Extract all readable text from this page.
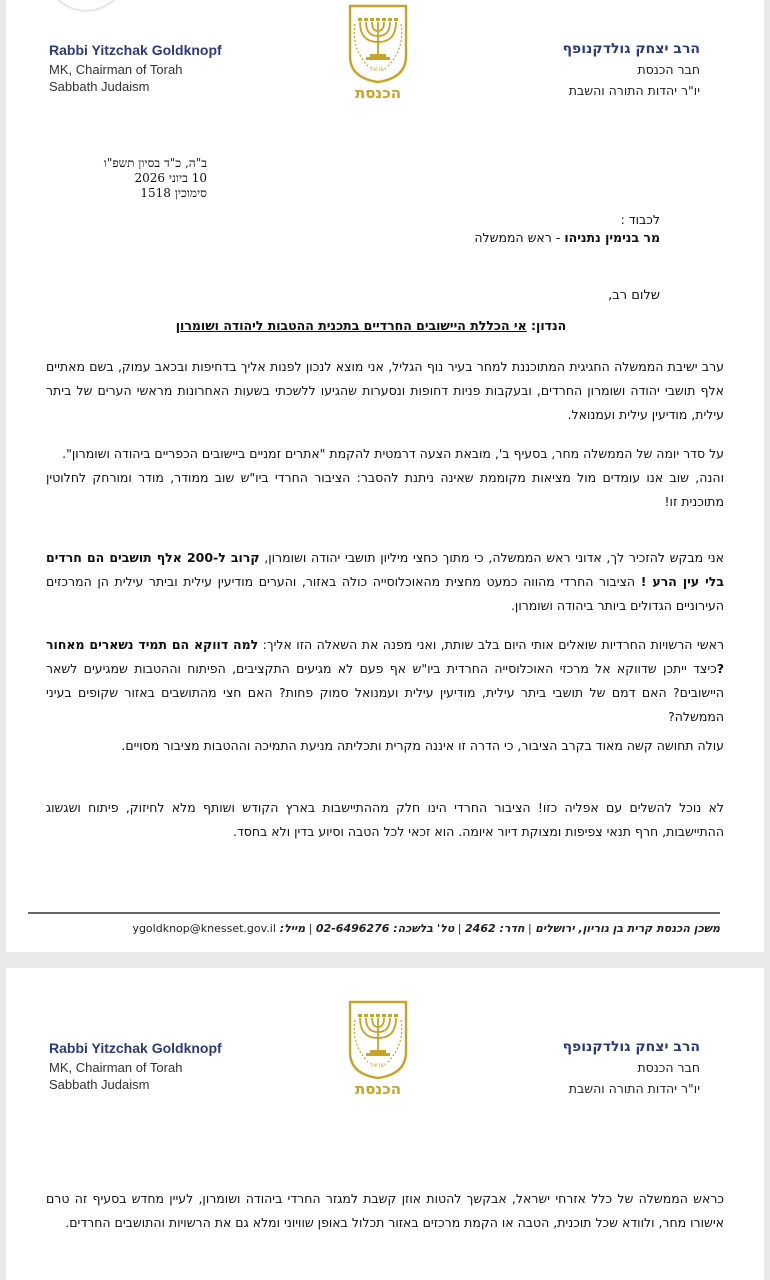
Rabbi Yitzchak Goldknopf
MK, Chairman of Torah
Sabbath Judaism
ישראל
הכנסת
הרב יצחק גולדקנופף
חבר הכנסת
יו"ר יהדות התורה והשבת
ב"ה, כ"ד בסיון תשפ"ו
10 ביוני 2026
סימוכין 1518
לכבוד :
מר בנימין נתניהו - ראש הממשלה
שלום רב,
הנדון: אי הכללת היישובים החרדיים בתכנית ההטבות ליהודה ושומרון
ערב ישיבת הממשלה החגיגית המתוכננת למחר בעיר נוף הגליל, אני מוצא לנכון לפנות אליך בדחיפות ובכאב עמוק, בשם מאתיים אלף תושבי יהודה ושומרון החרדים, ובעקבות פניות דחופות ונסערות שהגיעו ללשכתי בשעות האחרונות מראשי הערים של ביתר עילית, מודיעין עילית ועמנואל.
על סדר יומה של הממשלה מחר, בסעיף ב', מובאת הצעה דרמטית להקמת "אתרים זמניים ביישובים הכפריים ביהודה ושומרון".
והנה, שוב אנו עומדים מול מציאות מקוממת שאינה ניתנת להסבר: הציבור החרדי ביו"ש שוב ממודר, מודר ומורחק לחלוטין מתוכנית זו!
אני מבקש להזכיר לך, אדוני ראש הממשלה, כי מתוך כחצי מיליון תושבי יהודה ושומרון, קרוב ל-200 אלף תושבים הם חרדים בלי עין הרע ! הציבור החרדי מהווה כמעט מחצית מהאוכלוסייה כולה באזור, והערים מודיעין עילית וביתר עילית הן המרכזים העירוניים הגדולים ביותר ביהודה ושומרון.
ראשי הרשויות החרדיות שואלים אותי היום בלב שותת, ואני מפנה את השאלה הזו אליך: למה דווקא הם תמיד נשארים מאחור ?כיצד ייתכן שדווקא אל מרכזי האוכלוסייה החרדית ביו"ש אף פעם לא מגיעים התקציבים, הפיתוח וההטבות שמגיעים לשאר היישובים? האם דמם של תושבי ביתר עילית, מודיעין עילית ועמנואל סמוק פחות? האם חצי מהתושבים באזור שקופים בעיני הממשלה?
עולה תחושה קשה מאוד בקרב הציבור, כי הדרה זו איננה מקרית ותכליתה מניעת התמיכה וההטבות מציבור מסויים.
לא נוכל להשלים עם אפליה כזו! הציבור החרדי הינו חלק מההתיישבות בארץ הקודש ושותף מלא לחיזוק, פיתוח ושגשוג ההתיישבות, חרף תנאי צפיפות ומצוקת דיור איומה. הוא זכאי לכל הטבה וסיוע בדין ולא בחסד.
משכן הכנסת קרית בן גוריון, ירושלים | חדר: 2462 | טל' בלשכה: 02-6496276 | מייל: ygoldknop@knesset.gov.il
Rabbi Yitzchak Goldknopf
MK, Chairman of Torah
Sabbath Judaism
ישראל
הכנסת
הרב יצחק גולדקנופף
חבר הכנסת
יו"ר יהדות התורה והשבת
כראש הממשלה של כלל אזרחי ישראל, אבקשך להטות אוזן קשבת למגזר החרדי ביהודה ושומרון, לעיין מחדש בסעיף זה טרם אישורו מחר, ולוודא שכל תוכנית, הטבה או הקמת מרכזים באזור תכלול באופן שוויוני ומלא גם את הרשויות והתושבים החרדים.
